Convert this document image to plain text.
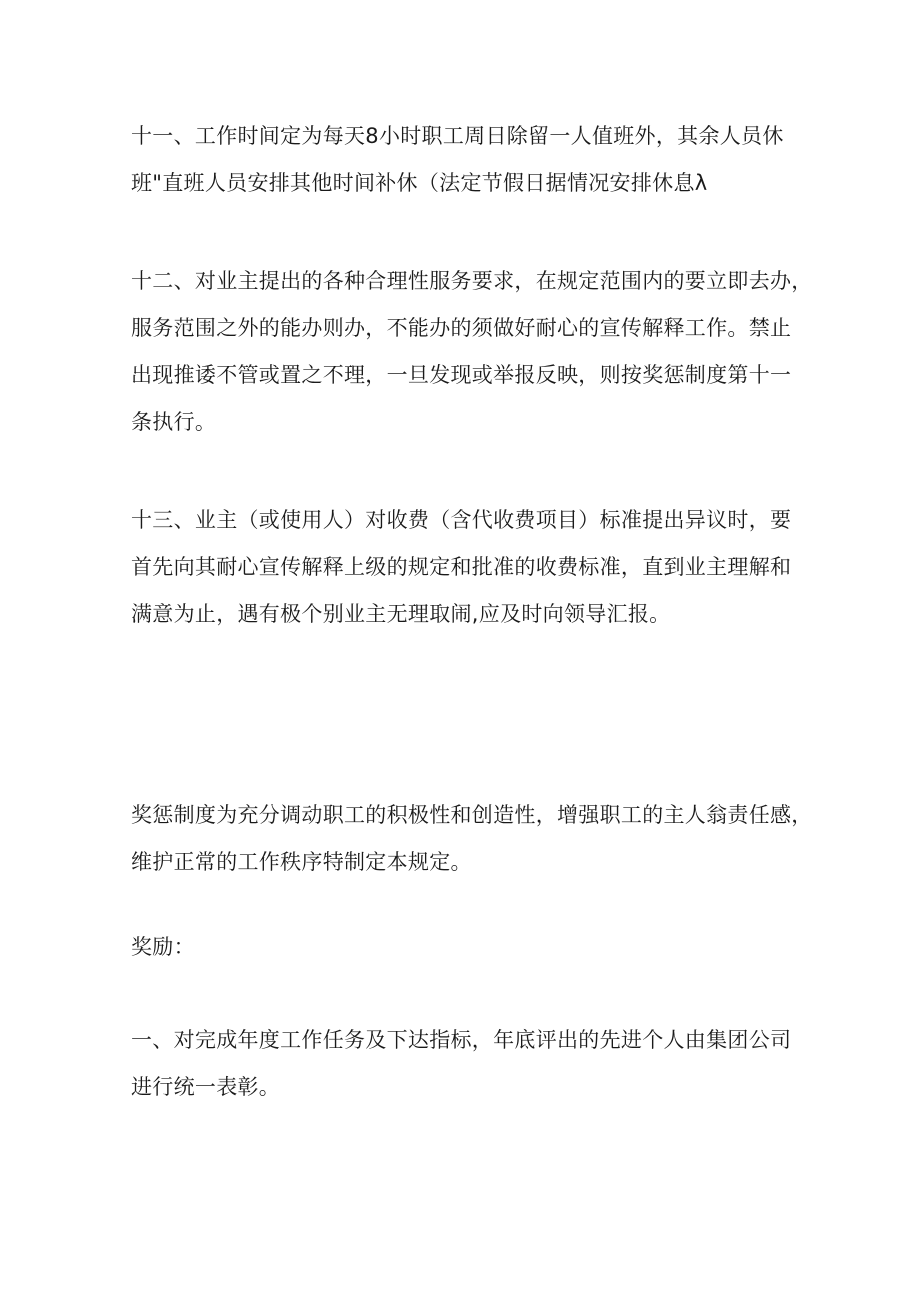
十一、工作时间定为每天8小时职工周日除留一人值班外，其余人员休
班"直班人员安排其他时间补休（法定节假日据情况安排休息λ

十二、对业主提出的各种合理性服务要求，在规定范围内的要立即去办，
服务范围之外的能办则办，不能办的须做好耐心的宣传解释工作。禁止
出现推诿不管或置之不理，一旦发现或举报反映，则按奖惩制度第十一
条执行。

十三、业主（或使用人）对收费（含代收费项目）标准提出异议时，要
首先向其耐心宣传解释上级的规定和批准的收费标准，直到业主理解和
满意为止，遇有极个别业主无理取闹,应及时向领导汇报。

奖惩制度为充分调动职工的积极性和创造性，增强职工的主人翁责任感，
维护正常的工作秩序特制定本规定。

奖励：

一、对完成年度工作任务及下达指标，年底评出的先进个人由集团公司
进行统一表彰。
